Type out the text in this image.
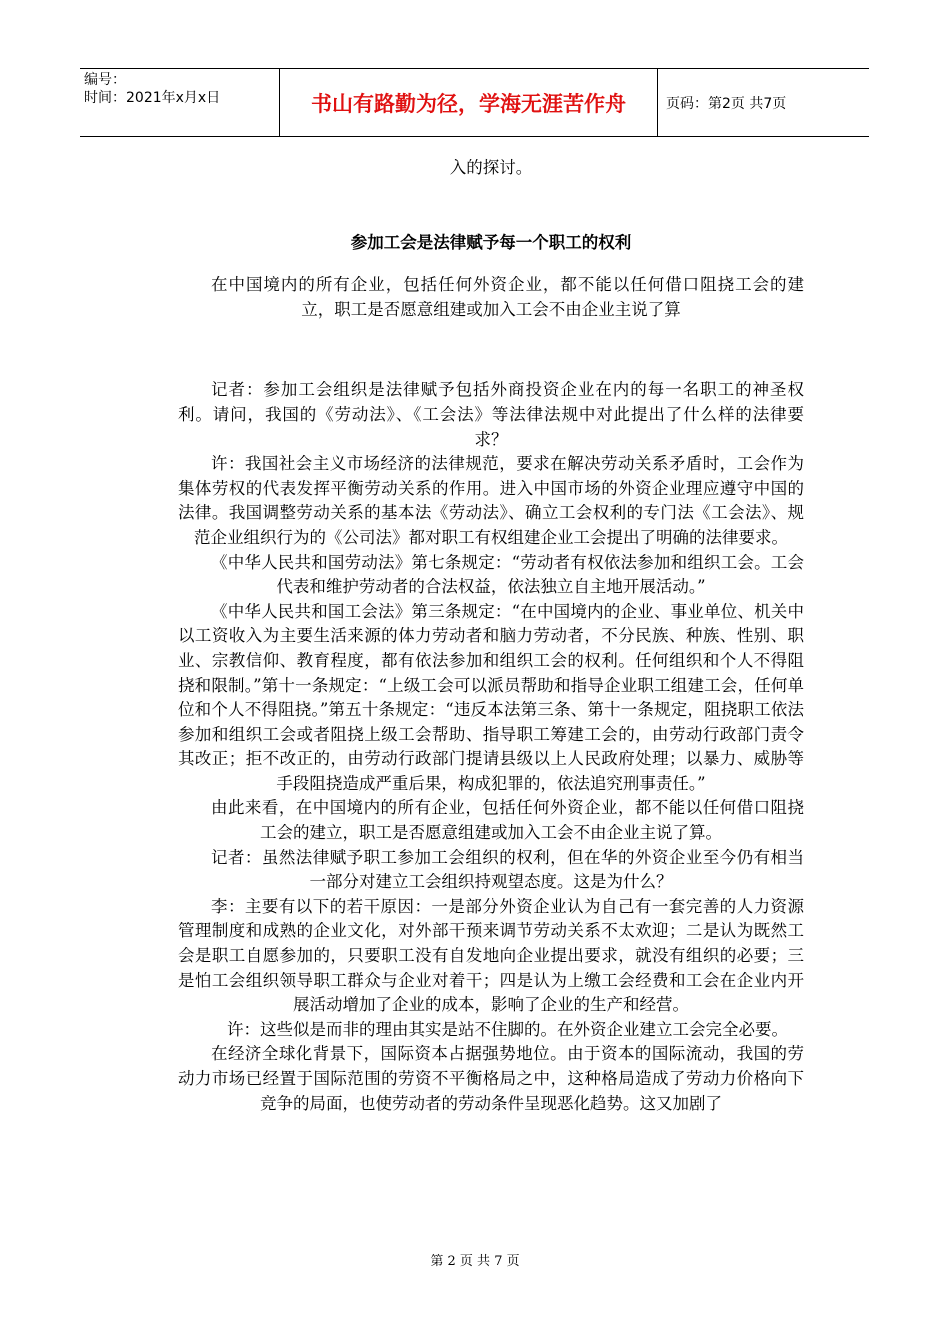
编号：
时间：2021年x月x日	书山有路勤为径，学海无涯苦作舟	页码：第2页 共7页

入的探讨。

参加工会是法律赋予每一个职工的权利

在中国境内的所有企业，包括任何外资企业，都不能以任何借口阻挠工会的建立，职工是否愿意组建或加入工会不由企业主说了算

记者：参加工会组织是法律赋予包括外商投资企业在内的每一名职工的神圣权利。请问，我国的《劳动法》、《工会法》等法律法规中对此提出了什么样的法律要求？

许：我国社会主义市场经济的法律规范，要求在解决劳动关系矛盾时，工会作为集体劳权的代表发挥平衡劳动关系的作用。进入中国市场的外资企业理应遵守中国的法律。我国调整劳动关系的基本法《劳动法》、确立工会权利的专门法《工会法》、规范企业组织行为的《公司法》都对职工有权组建企业工会提出了明确的法律要求。

《中华人民共和国劳动法》第七条规定：“劳动者有权依法参加和组织工会。工会代表和维护劳动者的合法权益，依法独立自主地开展活动。”

《中华人民共和国工会法》第三条规定：“在中国境内的企业、事业单位、机关中以工资收入为主要生活来源的体力劳动者和脑力劳动者，不分民族、种族、性别、职业、宗教信仰、教育程度，都有依法参加和组织工会的权利。任何组织和个人不得阻挠和限制。”第十一条规定：“上级工会可以派员帮助和指导企业职工组建工会，任何单位和个人不得阻挠。”第五十条规定：“违反本法第三条、第十一条规定，阻挠职工依法参加和组织工会或者阻挠上级工会帮助、指导职工筹建工会的，由劳动行政部门责令其改正；拒不改正的，由劳动行政部门提请县级以上人民政府处理；以暴力、威胁等手段阻挠造成严重后果，构成犯罪的，依法追究刑事责任。”

由此来看，在中国境内的所有企业，包括任何外资企业，都不能以任何借口阻挠工会的建立，职工是否愿意组建或加入工会不由企业主说了算。

记者：虽然法律赋予职工参加工会组织的权利，但在华的外资企业至今仍有相当一部分对建立工会组织持观望态度。这是为什么？

李：主要有以下的若干原因：一是部分外资企业认为自己有一套完善的人力资源管理制度和成熟的企业文化，对外部干预来调节劳动关系不太欢迎；二是认为既然工会是职工自愿参加的，只要职工没有自发地向企业提出要求，就没有组织的必要；三是怕工会组织领导职工群众与企业对着干；四是认为上缴工会经费和工会在企业内开展活动增加了企业的成本，影响了企业的生产和经营。

许：这些似是而非的理由其实是站不住脚的。在外资企业建立工会完全必要。

在经济全球化背景下，国际资本占据强势地位。由于资本的国际流动，我国的劳动力市场已经置于国际范围的劳资不平衡格局之中，这种格局造成了劳动力价格向下竞争的局面，也使劳动者的劳动条件呈现恶化趋势。这又加剧了

第 2 页 共 7 页
